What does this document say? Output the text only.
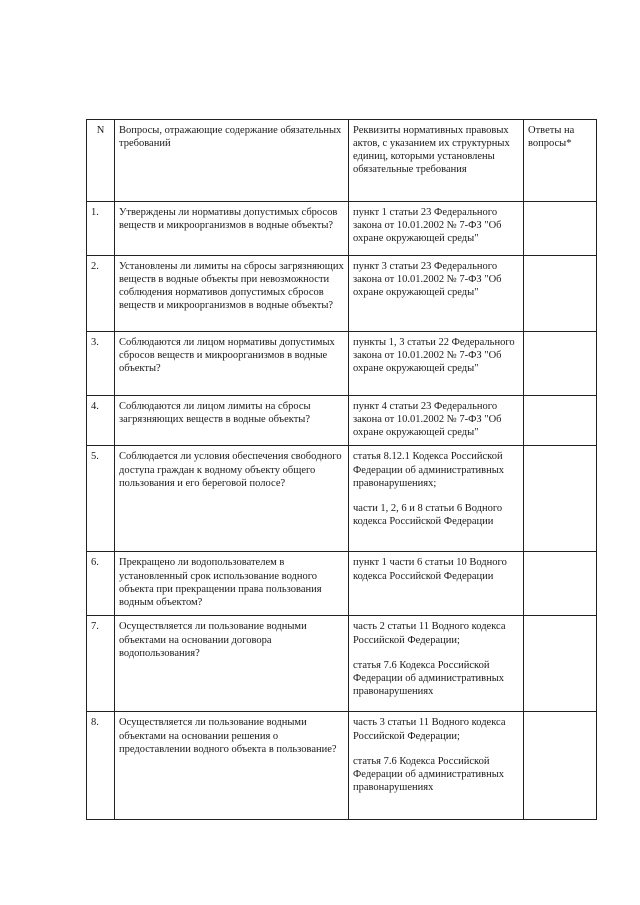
N	Вопросы, отражающие содержание обязательных требований	Реквизиты нормативных правовых актов, с указанием их структурных единиц, которыми установлены обязательные требования	Ответы на вопросы*
1.	Утверждены ли нормативы допустимых сбросов веществ и микроорганизмов в водные объекты?	пункт 1 статьи 23 Федерального закона от 10.01.2002 № 7-ФЗ "Об охране окружающей среды"	

2.	Установлены ли лимиты на сбросы загрязняющих веществ в водные объекты при невозможности соблюдения нормативов допустимых сбросов веществ и микроорганизмов в водные объекты?	пункт 3 статьи 23 Федерального закона от 10.01.2002 № 7-ФЗ "Об охране окружающей среды"	

3.	Соблюдаются ли лицом нормативы допустимых сбросов веществ и микроорганизмов в водные объекты?	пункты 1, 3 статьи 22 Федерального закона от 10.01.2002 № 7-ФЗ "Об охране окружающей среды"	

4.	Соблюдаются ли лицом лимиты на сбросы загрязняющих веществ в водные объекты?	пункт 4 статьи 23 Федерального закона от 10.01.2002 № 7-ФЗ "Об охране окружающей среды"	

5.	Соблюдается ли условия обеспечения свободного доступа граждан к водному объекту общего пользования и его береговой полосе?	статья 8.12.1 Кодекса Российской Федерации об административных правонарушениях;
части 1, 2, 6 и 8 статьи 6 Водного кодекса Российской Федерации	

6.	Прекращено ли водопользователем в установленный срок использование водного объекта при прекращении права пользования водным объектом?	пункт 1 части 6 статьи 10 Водного кодекса Российской Федерации	

7.	Осуществляется ли пользование водными объектами на основании договора водопользования?	часть 2 статьи 11 Водного кодекса Российской Федерации;
статья 7.6 Кодекса Российской Федерации об административных правонарушениях	

8.	Осуществляется ли пользование водными объектами на основании решения о предоставлении водного объекта в пользование?	часть 3 статьи 11 Водного кодекса Российской Федерации;
статья 7.6 Кодекса Российской Федерации об административных правонарушениях	
